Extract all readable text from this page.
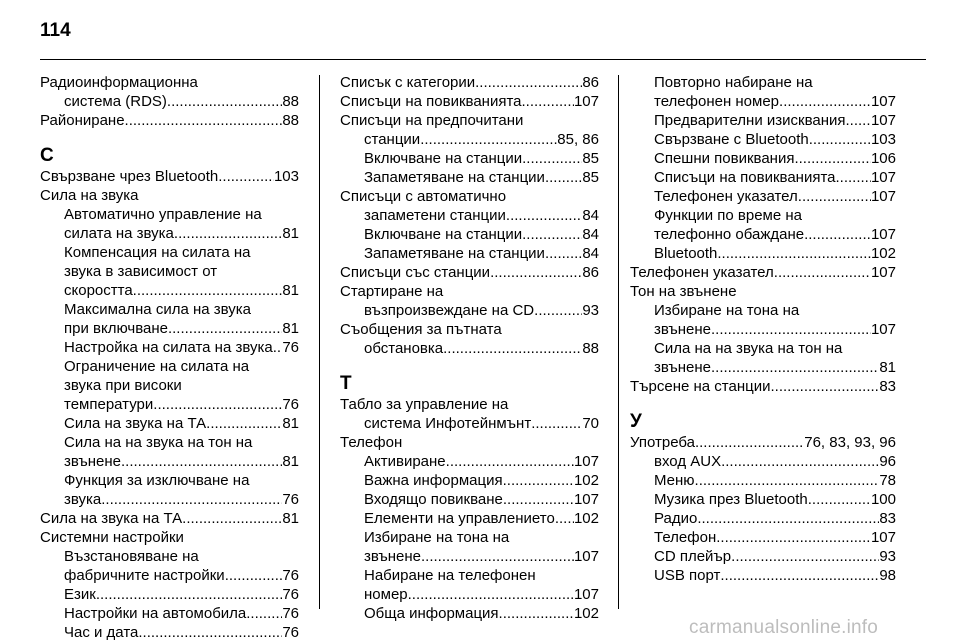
114
Радиоинформационна
система (RDS) .....	88
Райониране .....	88
С
Свързване чрез Bluetooth .....	103
Сила на звука
Автоматично управление на
силата на звука .....	81
Компенсация на силата на
звука в зависимост от
скоростта .....	81
Максимална сила на звука
при включване .....	81
Настройка на силата на звука ..... 76
Ограничение на силата на
звука при високи
температури .....	76
Сила на звука на ТА .....	81
Сила на на звука на тон на
звънене .....	81
Функция за изключване на
звука .....	76
Сила на звука на ТА .....	81
Системни настройки
Възстановяване на
фабричните настройки .....	76
Език .....	76
Настройки на автомобила ..... 76
Час и дата .....	76
Списък с категории .....	86
Списъци на повикванията .....	107
Списъци на предпочитани
станции .....	85, 86
Включване на станции .....	85
Запаметяване на станции ..... 85
Списъци с автоматично
запаметени станции .....	84
Включване на станции .....	84
Запаметяване на станции ..... 84
Списъци със станции .....	86
Стартиране на
възпроизвеждане на CD .....	93
Съобщения за пътната
обстановка .....	88
Т
Табло за управление на
система Инфотейнмънт .....	70
Телефон
Активиране .....	107
Важна информация .....	102
Входящо повикване .....	107
Елементи на управлението ..... 102
Избиране на тона на
звънене .....	107
Набиране на телефонен
номер .....	107
Обща информация .....	102
Повторно набиране на
телефонен номер .....	107
Предварителни изисквания ..... 107
Свързване с Bluetooth .....	103
Спешни повиквания .....	106
Списъци на повикванията ..... 107
Телефонен указател .....	107
Функции по време на
телефонно обаждане .....	107
Bluetooth .....	102
Телефонен указател .....	107
Тон на звънене
Избиране на тона на
звънене .....	107
Сила на на звука на тон на
звънене .....	81
Търсене на станции .....	83
У
Употреба .....	76, 83, 93, 96
вход AUX .....	96
Меню .....	78
Музика през Bluetooth .....	100
Радио .....	83
Телефон .....	107
CD плейър .....	93
USB порт .....	98
carmanualsonline.info
